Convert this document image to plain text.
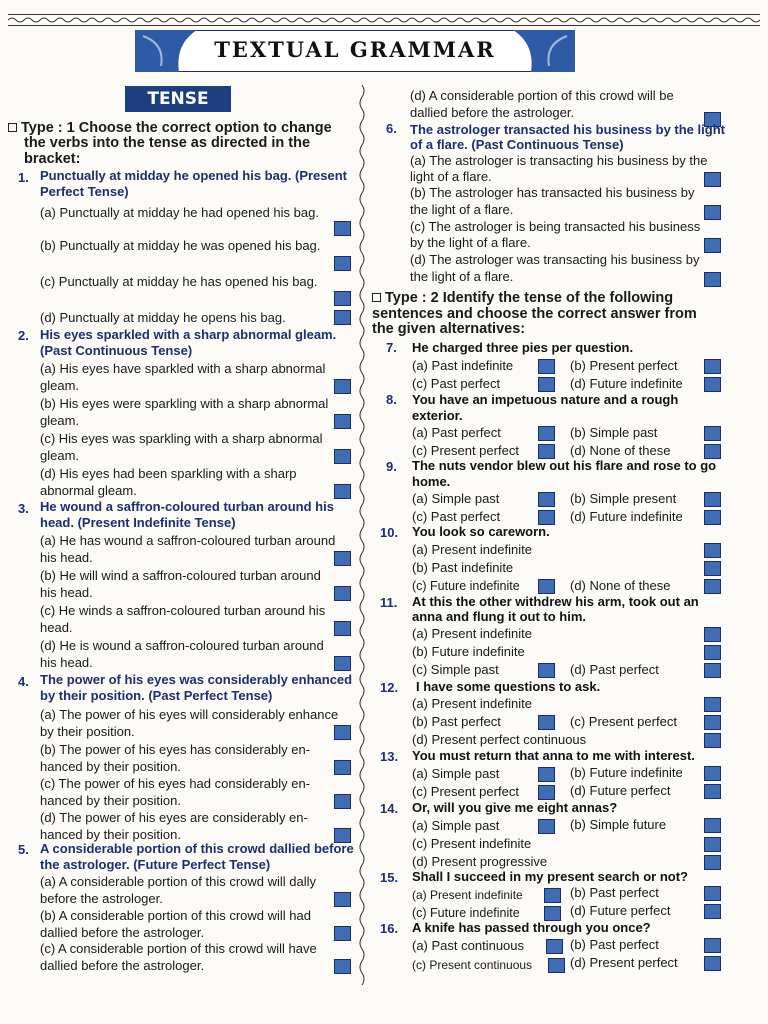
TEXTUAL GRAMMAR
TENSE
Type : 1 Choose the correct option to change
the verbs into the tense as directed in the
bracket:
1. Punctually at midday he opened his bag. (Present
Perfect Tense)
(a) Punctually at midday he had opened his bag.
(b) Punctually at midday he was opened his bag.
(c) Punctually at midday he has opened his bag.
(d) Punctually at midday he opens his bag.
2. His eyes sparkled with a sharp abnormal gleam.
(Past Continuous Tense)
(a) His eyes have sparkled with a sharp abnormal
gleam.
(b) His eyes were sparkling with a sharp abnormal
gleam.
(c) His eyes was sparkling with a sharp abnormal
gleam.
(d) His eyes had been sparkling with a sharp
abnormal gleam.
3. He wound a saffron-coloured turban around his
head. (Present Indefinite Tense)
(a) He has wound a saffron-coloured turban around
his head.
(b) He will wind a saffron-coloured turban around
his head.
(c) He winds a saffron-coloured turban around his
head.
(d) He is wound a saffron-coloured turban around
his head.
4. The power of his eyes was considerably enhanced
by their position. (Past Perfect Tense)
(a) The power of his eyes will considerably enhance
by their position.
(b) The power of his eyes has considerably en-
hanced by their position.
(c) The power of his eyes had considerably en-
hanced by their position.
(d) The power of his eyes are considerably en-
hanced by their position.
5. A considerable portion of this crowd dallied before
the astrologer. (Future Perfect Tense)
(a) A considerable portion of this crowd will dally
before the astrologer.
(b) A considerable portion of this crowd will had
dallied before the astrologer.
(c) A considerable portion of this crowd will have
dallied before the astrologer.
(d) A considerable portion of this crowd will be
dallied before the astrologer.
6. The astrologer transacted his business by the light
of a flare. (Past Continuous Tense)
(a) The astrologer is transacting his business by the
light of a flare.
(b) The astrologer has transacted his business by
the light of a flare.
(c) The astrologer is being transacted his business
by the light of a flare.
(d) The astrologer was transacting his business by
the light of a flare.
Type : 2 Identify the tense of the following
sentences and choose the correct answer from
the given alternatives:
7. He charged three pies per question.
(a) Past indefinite	(b) Present perfect
(c) Past perfect	(d) Future indefinite
8. You have an impetuous nature and a rough
exterior.
(a) Past perfect	(b) Simple past
(c) Present perfect	(d) None of these
9. The nuts vendor blew out his flare and rose to go
home.
(a) Simple past	(b) Simple present
(c) Past perfect	(d) Future indefinite
10. You look so careworn.
(a) Present indefinite
(b) Past indefinite
(c) Future indefinite	(d) None of these
11. At this the other withdrew his arm, took out an
anna and flung it out to him.
(a) Present indefinite
(b) Future indefinite
(c) Simple past	(d) Past perfect
12. I have some questions to ask.
(a) Present indefinite
(b) Past perfect	(c) Present perfect
(d) Present perfect continuous
13. You must return that anna to me with interest.
(a) Simple past	(b) Future indefinite
(c) Present perfect	(d) Future perfect
14. Or, will you give me eight annas?
(a) Simple past	(b) Simple future
(c) Present indefinite
(d) Present progressive
15. Shall I succeed in my present search or not?
(a) Present indefinite	(b) Past perfect
(c) Future indefinite	(d) Future perfect
16. A knife has passed through you once?
(a) Past continuous	(b) Past perfect
(c) Present continuous	(d) Present perfect
